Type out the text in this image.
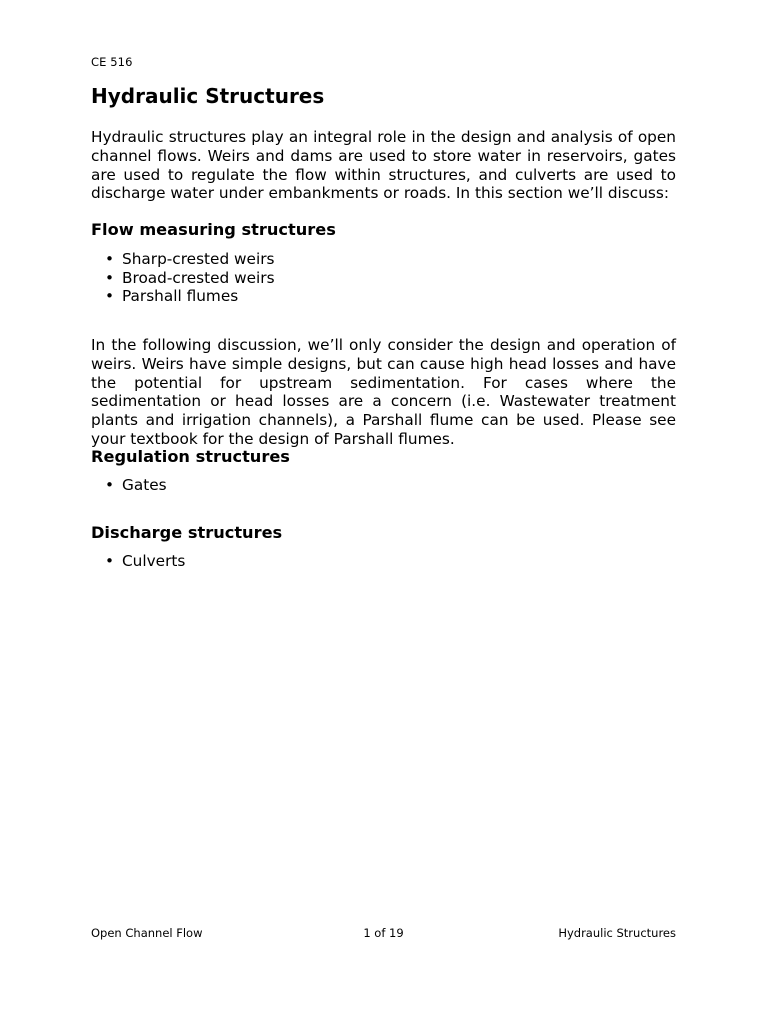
CE 516
Hydraulic Structures

Hydraulic structures play an integral role in the design and analysis of open channel flows. Weirs and dams are used to store water in reservoirs, gates are used to regulate the flow within structures, and culverts are used to discharge water under embankments or roads. In this section we’ll discuss:

Flow measuring structures
• Sharp-crested weirs
• Broad-crested weirs
• Parshall flumes

In the following discussion, we’ll only consider the design and operation of weirs. Weirs have simple designs, but can cause high head losses and have the potential for upstream sedimentation. For cases where the sedimentation or head losses are a concern (i.e. Wastewater treatment plants and irrigation channels), a Parshall flume can be used. Please see your textbook for the design of Parshall flumes.

Regulation structures
• Gates
Discharge structures
• Culverts
Open Channel Flow	1 of 19	Hydraulic Structures
